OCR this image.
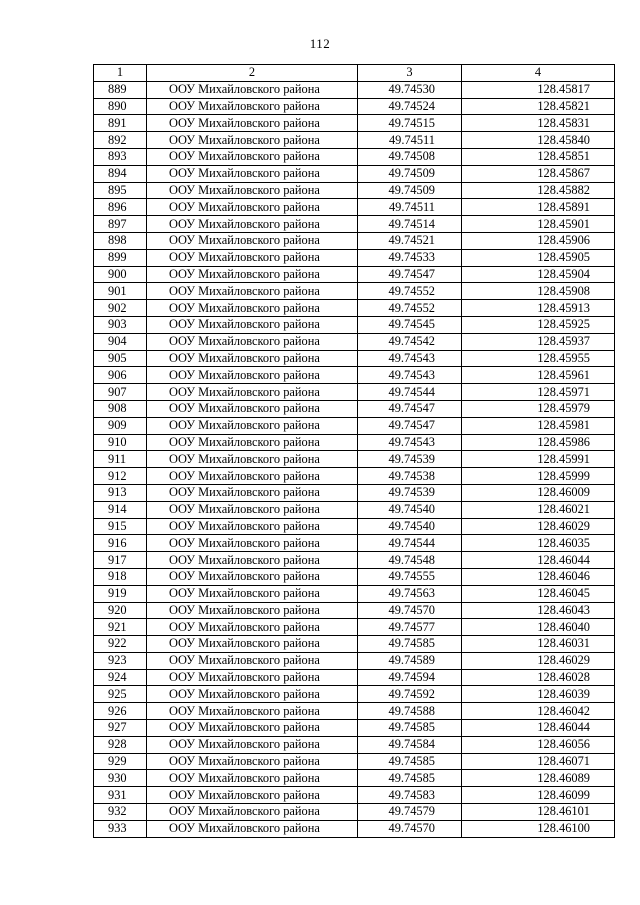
112
1	2	3	4
889	ООУ Михайловского района	49.74530	128.45817
890	ООУ Михайловского района	49.74524	128.45821
891	ООУ Михайловского района	49.74515	128.45831
892	ООУ Михайловского района	49.74511	128.45840
893	ООУ Михайловского района	49.74508	128.45851
894	ООУ Михайловского района	49.74509	128.45867
895	ООУ Михайловского района	49.74509	128.45882
896	ООУ Михайловского района	49.74511	128.45891
897	ООУ Михайловского района	49.74514	128.45901
898	ООУ Михайловского района	49.74521	128.45906
899	ООУ Михайловского района	49.74533	128.45905
900	ООУ Михайловского района	49.74547	128.45904
901	ООУ Михайловского района	49.74552	128.45908
902	ООУ Михайловского района	49.74552	128.45913
903	ООУ Михайловского района	49.74545	128.45925
904	ООУ Михайловского района	49.74542	128.45937
905	ООУ Михайловского района	49.74543	128.45955
906	ООУ Михайловского района	49.74543	128.45961
907	ООУ Михайловского района	49.74544	128.45971
908	ООУ Михайловского района	49.74547	128.45979
909	ООУ Михайловского района	49.74547	128.45981
910	ООУ Михайловского района	49.74543	128.45986
911	ООУ Михайловского района	49.74539	128.45991
912	ООУ Михайловского района	49.74538	128.45999
913	ООУ Михайловского района	49.74539	128.46009
914	ООУ Михайловского района	49.74540	128.46021
915	ООУ Михайловского района	49.74540	128.46029
916	ООУ Михайловского района	49.74544	128.46035
917	ООУ Михайловского района	49.74548	128.46044
918	ООУ Михайловского района	49.74555	128.46046
919	ООУ Михайловского района	49.74563	128.46045
920	ООУ Михайловского района	49.74570	128.46043
921	ООУ Михайловского района	49.74577	128.46040
922	ООУ Михайловского района	49.74585	128.46031
923	ООУ Михайловского района	49.74589	128.46029
924	ООУ Михайловского района	49.74594	128.46028
925	ООУ Михайловского района	49.74592	128.46039
926	ООУ Михайловского района	49.74588	128.46042
927	ООУ Михайловского района	49.74585	128.46044
928	ООУ Михайловского района	49.74584	128.46056
929	ООУ Михайловского района	49.74585	128.46071
930	ООУ Михайловского района	49.74585	128.46089
931	ООУ Михайловского района	49.74583	128.46099
932	ООУ Михайловского района	49.74579	128.46101
933	ООУ Михайловского района	49.74570	128.46100
